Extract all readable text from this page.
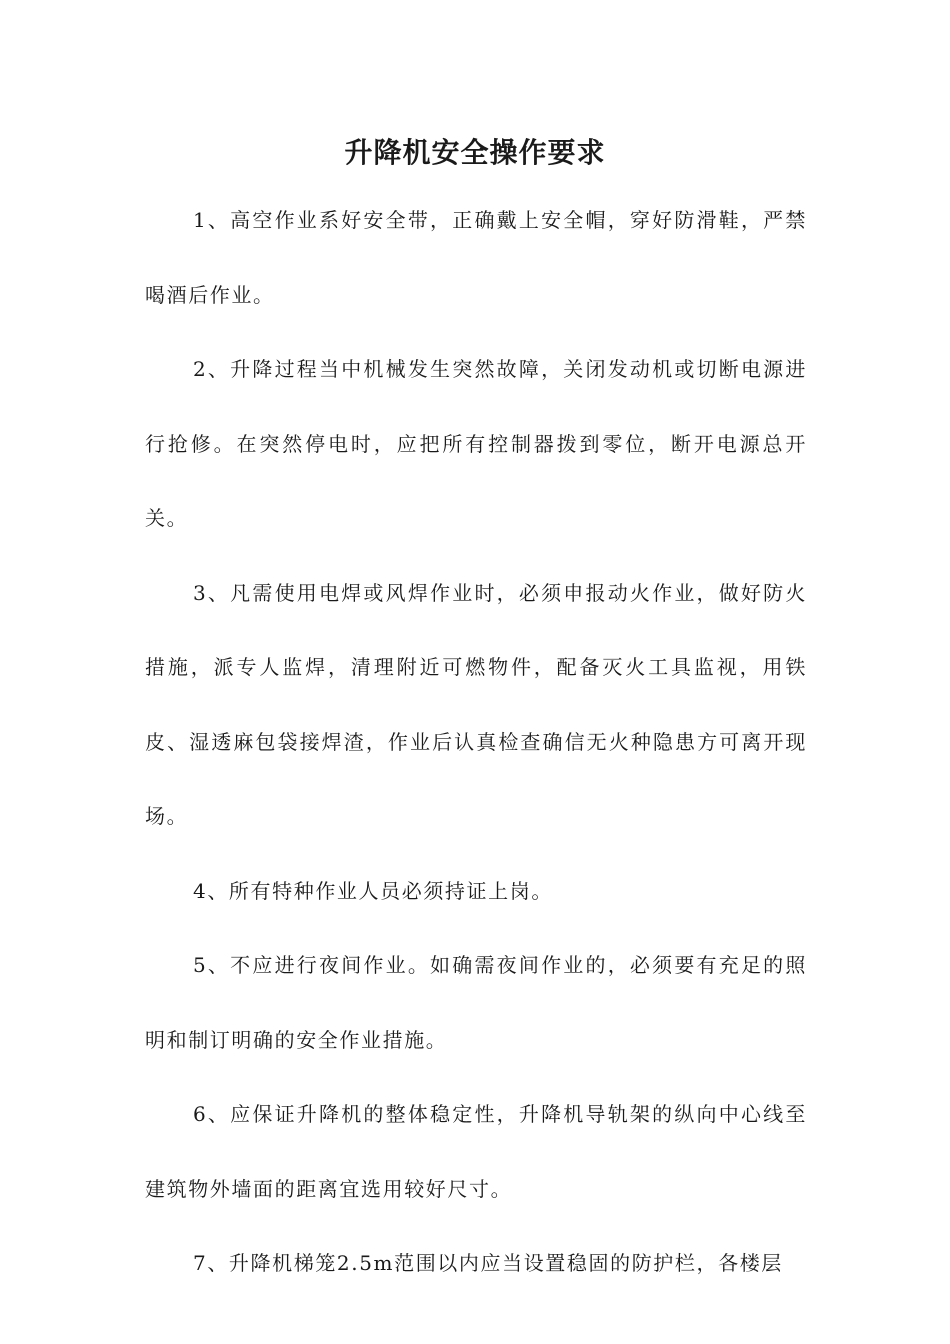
升降机安全操作要求

1、高空作业系好安全带，正确戴上安全帽，穿好防滑鞋，严禁喝酒后作业。

2、升降过程当中机械发生突然故障，关闭发动机或切断电源进行抢修。在突然停电时，应把所有控制器拨到零位，断开电源总开关。

3、凡需使用电焊或风焊作业时，必须申报动火作业，做好防火措施，派专人监焊，清理附近可燃物件，配备灭火工具监视，用铁皮、湿透麻包袋接焊渣，作业后认真检查确信无火种隐患方可离开现场。

4、所有特种作业人员必须持证上岗。

5、不应进行夜间作业。如确需夜间作业的，必须要有充足的照明和制订明确的安全作业措施。

6、应保证升降机的整体稳定性，升降机导轨架的纵向中心线至建筑物外墙面的距离宜选用较好尺寸。

7、升降机梯笼2.5m范围以内应当设置稳固的防护栏，各楼层
